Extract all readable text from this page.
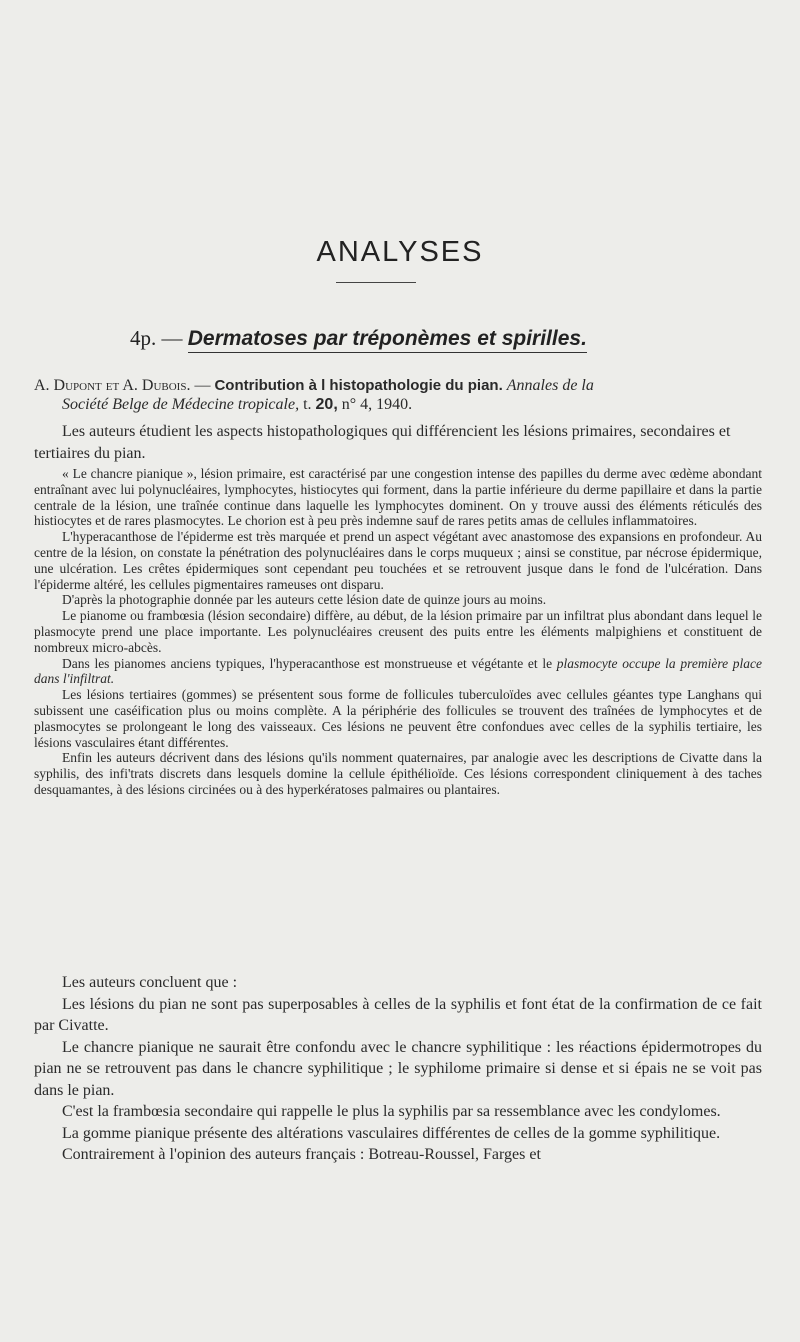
ANALYSES
4p. — Dermatoses par tréponèmes et spirilles.
A. Dupont et A. Dubois. — Contribution à l histopathologie du pian. Annales de la
Société Belge de Médecine tropicale, t. 20, n° 4, 1940.
Les auteurs étudient les aspects histopathologiques qui différencient les lésions primaires, secondaires et tertiaires du pian.

« Le chancre pianique », lésion primaire, est caractérisé par une congestion intense des papilles du derme avec œdème abondant entraînant avec lui polynucléaires, lymphocytes, histiocytes qui forment, dans la partie inférieure du derme papillaire et dans la partie centrale de la lésion, une traînée continue dans laquelle les lymphocytes dominent. On y trouve aussi des éléments réticulés des histiocytes et de rares plasmocytes. Le chorion est à peu près indemne sauf de rares petits amas de cellules inflammatoires.

L'hyperacanthose de l'épiderme est très marquée et prend un aspect végétant avec anastomose des expansions en profondeur. Au centre de la lésion, on constate la pénétration des polynucléaires dans le corps muqueux ; ainsi se constitue, par nécrose épidermique, une ulcération. Les crêtes épidermiques sont cependant peu touchées et se retrouvent jusque dans le fond de l'ulcération. Dans l'épiderme altéré, les cellules pigmentaires rameuses ont disparu.

D'après la photographie donnée par les auteurs cette lésion date de quinze jours au moins.

Le pianome ou frambœsia (lésion secondaire) diffère, au début, de la lésion primaire par un infiltrat plus abondant dans lequel le plasmocyte prend une place importante. Les polynucléaires creusent des puits entre les éléments malpighiens et constituent de nombreux micro-abcès.

Dans les pianomes anciens typiques, l'hyperacanthose est monstrueuse et végétante et le plasmocyte occupe la première place dans l'infiltrat.

Les lésions tertiaires (gommes) se présentent sous forme de follicules tuberculoïdes avec cellules géantes type Langhans qui subissent une caséification plus ou moins complète. A la périphérie des follicules se trouvent des traînées de lymphocytes et de plasmocytes se prolongeant le long des vaisseaux. Ces lésions ne peuvent être confondues avec celles de la syphilis tertiaire, les lésions vasculaires étant différentes.

Enfin les auteurs décrivent dans des lésions qu'ils nomment quaternaires, par analogie avec les descriptions de Civatte dans la syphilis, des infi'trats discrets dans lesquels domine la cellule épithélioïde. Ces lésions correspondent cliniquement à des taches desquamantes, à des lésions circinées ou à des hyperkératoses palmaires ou plantaires.

Les auteurs concluent que :

Les lésions du pian ne sont pas superposables à celles de la syphilis et font état de la confirmation de ce fait par Civatte.

Le chancre pianique ne saurait être confondu avec le chancre syphilitique : les réactions épidermotropes du pian ne se retrouvent pas dans le chancre syphilitique ; le syphilome primaire si dense et si épais ne se voit pas dans le pian.

C'est la frambœsia secondaire qui rappelle le plus la syphilis par sa ressemblance avec les condylomes.

La gomme pianique présente des altérations vasculaires différentes de celles de la gomme syphilitique.

Contrairement à l'opinion des auteurs français : Botreau-Roussel, Farges et
